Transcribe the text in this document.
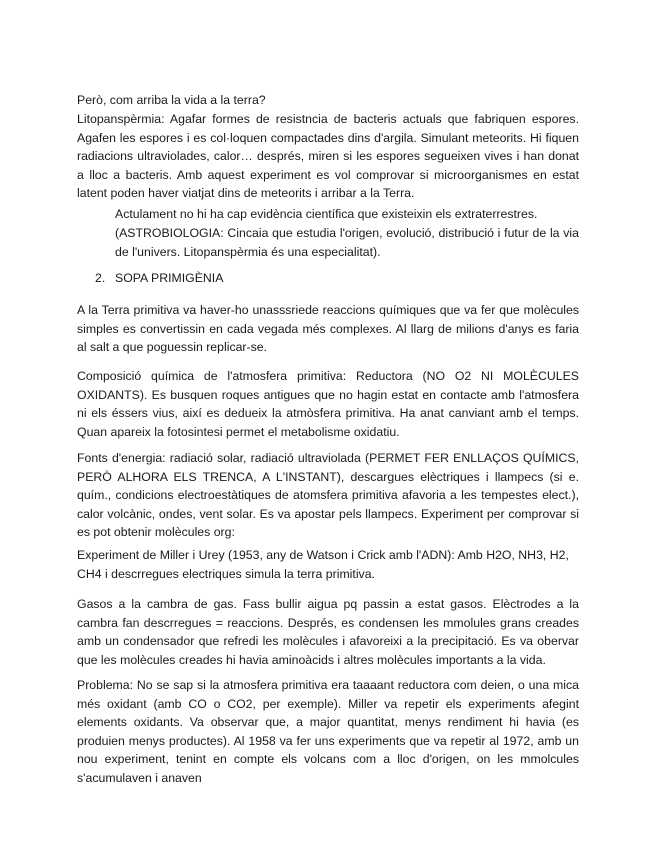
Però, com arriba la vida a la terra?

Litopanspèrmia: Agafar formes de resistncia de bacteris actuals que fabriquen espores. Agafen les espores i es col·loquen compactades dins d'argila. Simulant meteorits. Hi fiquen radiacions ultraviolades, calor… després, miren si les espores segueixen vives i han donat a lloc a bacteris. Amb aquest experiment es vol comprovar si microorganismes en estat latent poden haver viatjat dins de meteorits i arribar a la Terra.

Actulament no hi ha cap evidència científica que existeixin els extraterrestres.

(ASTROBIOLOGIA: Cincaia que estudia l'origen, evolució, distribució i futur de la via de l'univers. Litopanspèrmia és una especialitat).

2. SOPA PRIMIGÈNIA

A la Terra primitiva va haver-ho unasssriede reaccions químiques que va fer que molècules simples es convertissin en cada vegada més complexes. Al llarg de milions d'anys es faria al salt a que poguessin replicar-se.

Composició química de l'atmosfera primitiva: Reductora (NO O2 NI MOLÈCULES OXIDANTS). Es busquen roques antigues que no hagin estat en contacte amb l'atmosfera ni els éssers vius, així es dedueix la atmòsfera primitiva. Ha anat canviant amb el temps. Quan apareix la fotosintesi permet el metabolisme oxidatiu.

Fonts d'energia: radiació solar, radiació ultraviolada (PERMET FER ENLLAÇOS QUÍMICS, PERÒ ALHORA ELS TRENCA, A L'INSTANT), descargues elèctriques i llampecs (si e. quím., condicions electroestàtiques de atomsfera primitiva afavoria a les tempestes elect.), calor volcànic, ondes, vent solar. Es va apostar pels llampecs. Experiment per comprovar si es pot obtenir molècules org:

Experiment de Miller i Urey (1953, any de Watson i Crick amb l'ADN): Amb H2O, NH3, H2, CH4 i descrregues electriques simula la terra primitiva.

Gasos a la cambra de gas. Fass bullir aigua pq passin a estat gasos. Elèctrodes a la cambra fan descrregues = reaccions. Després, es condensen les mmolules grans creades amb un condensador que refredi les molècules i afavoreixi a la precipitació. Es va obervar que les molècules creades hi havia aminoàcids i altres molècules importants a la vida.

Problema: No se sap si la atmosfera primitiva era taaaant reductora com deien, o una mica més oxidant (amb CO o CO2, per exemple). Miller va repetir els experiments afegint elements oxidants. Va observar que, a major quantitat, menys rendiment hi havia (es produien menys productes). Al 1958 va fer uns experiments que va repetir al 1972, amb un nou experiment, tenint en compte els volcans com a lloc d'origen, on les mmolcules s'acumulaven i anaven
